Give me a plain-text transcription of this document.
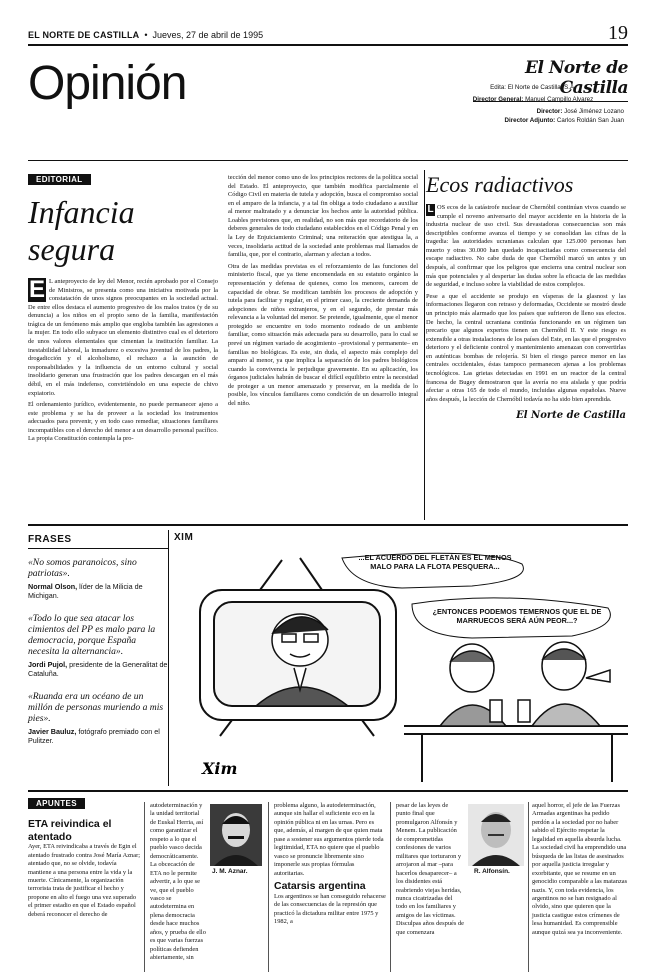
EL NORTE DE CASTILLA  •  Jueves, 27 de abril de 1995	19
Opinión	El Norte de Castilla
Edita: El Norte de Castilla, S.A.
Director General: Manuel Campillo Alvarez
Director: José Jiménez Lozano
Director Adjunto: Carlos Roldán San Juan
EDITORIAL
Infancia segura

E L anteproyecto de ley del Menor, recién aprobado por el Consejo de Ministros, se presenta como una iniciativa motivada por la constatación de unos signos preocupantes en la sociedad actual. De entre ellos destaca el aumento progresivo de los malos tratos (y de su denuncia) a los niños en el propio seno de la familia, manifestación trágica de un fenómeno más amplio que engloba también las agresiones a la mujer. En todo ello subyace un elemento distintivo cual es el deterioro de unos valores elementales que cimentan la institución familiar. La inestabilidad laboral, la inmadurez o excesiva juventud de los padres, la drogadicción y el alcoholismo, el rechazo a la asunción de responsabilidades y la influencia de un entorno cultural y social insolidario generan una frustración que los padres descargan en el más débil, en el más indefenso, convirtiéndolo en una especie de chivo expiatorio.

El ordenamiento jurídico, evidentemente, no puede permanecer ajeno a este problema y se ha de proveer a la sociedad los instrumentos adecuados para prevenir, y en todo caso remediar, situaciones familiares incompatibles con el derecho del menor a un desarrollo personal pacífico. La propia Constitución contempla la pro-

tección del menor como uno de los principios rectores de la política social del Estado. El anteproyecto, que también modifica parcialmente el Código Civil en materia de tutela y adopción, busca el compromiso social en el amparo de la infancia, y a tal fin obliga a todo ciudadano a auxiliar al menor maltratado y a denunciar los hechos ante la autoridad pública. Loables previsiones que, en realidad, no son más que recordatorio de los deberes generales de todo ciudadano establecidos en el Código Penal y en la Ley de Enjuiciamiento Criminal; una reiteración que atestigua la, a veces, insolidaria actitud de la sociedad ante problemas mal llamados de familia, que, por el contrario, alarman y afectan a todos.

Otra de las medidas previstas es el reforzamiento de las funciones del ministerio fiscal, que ya tiene encomendada en su estatuto orgánico la representación y defensa de quienes, como los menores, carecen de capacidad de obrar. Se modifican también los procesos de adopción y tutela para facilitar y regular, en el primer caso, la creciente demanda de adopciones de niños extranjeros, y en el segundo, de prestar más relevancia a la voluntad del menor. Se pretende, igualmente, que el menor protegido se encuentre en todo momento rodeado de un ambiente familiar, como situación más adecuada para su desarrollo, para lo cual se prevé un régimen variado de acogimiento –provisional y permanente– en familias no biológicas. Es este, sin duda, el aspecto más complejo del amparo al menor, ya que implica la separación de los padres biológicos cuando la convivencia le perjudique gravemente. En su aplicación, los órganos judiciales habrán de buscar el difícil equilibrio entre la necesidad de proteger a un menor amenazado y preservar, en la medida de lo posible, los vínculos familiares como condición de un desarrollo integral del niño.

Ecos radiactivos

L OS ecos de la catástrofe nuclear de Chernóbil continúan vivos cuando se cumple el noveno aniversario del mayor accidente en la historia de la industria nuclear de uso civil. Sus devastadoras consecuencias son más descriptibles conforme avanza el tiempo y se consolidan las cifras de la tragedia: las autoridades ucranianas calculan que 125.000 personas han muerto y otras 30.000 han quedado incapacitadas como consecuencia del escape radiactivo. No cabe duda de que Chernóbil marcó un antes y un después, al confirmar que los peligros que encierra una central nuclear son más que potenciales y al despertar las dudas sobre la eficacia de las medidas de seguridad, e incluso sobre la viabilidad de estos complejos.

Pese a que el accidente se produjo en vísperas de la glasnost y las informaciones llegaron con retraso y deformadas, Occidente se mostró desde un principio más alarmado que los países que sufrieron de lleno sus efectos. De hecho, la central ucraniana continúa funcionando en un régimen tan precario que algunos expertos tienen un Chernóbil II. Y este riesgo es extensible a otras instalaciones de los países del Este, en las que el progresivo deterioro y el deficiente control y mantenimiento amenazan con convertirlas en auténticas bombas de relojería. Si bien el riesgo parece menor en las centrales occidentales, éstas tampoco permanecen ajenas a los problemas tecnológicos. Las grietas detectadas en 1991 en un reactor de la central francesa de Bugey demostraron que la avería no era aislada y que podría afectar a otras 165 de todo el mundo, incluidas algunas españolas. Nueve años después, la lección de Chernóbil todavía no ha sido bien aprendida.

El Norte de Castilla
FRASES
«No somos paranoicos, sino patriotas».
Normal Olson, líder de la Milicia de Michigan.
«Todo lo que sea atacar los cimientos del PP es malo para la democracia, porque España necesita la alternancia».
Jordi Pujol, presidente de la Generalitat de Cataluña.
«Ruanda era un océano de un millón de personas muriendo a mis pies».
Javier Bauluz, fotógrafo premiado con el Pulitzer.
XIM
Xim
...EL ACUERDO DEL FLETÁN ES EL MENOS MALO PARA LA FLOTA PESQUERA...
¿ENTONCES PODEMOS TEMERNOS QUE EL DE MARRUECOS SERÁ AÚN PEOR...?
APUNTES
ETA reivindica el atentado

Ayer, ETA reivindicaba a través de Egin el atentado frustrado contra José María Aznar; atentado que, no se olvide, todavía mantiene a una persona entre la vida y la muerte. Cínicamente, la organización terrorista trata de justificar el hecho y propone en alto el fuego una vez superado el primer estadio en que el Estado español deberá reconocer el derecho de

autodeterminación y la unidad territorial de Euskal Herria, así como garantizar el respeto a lo que el pueblo vasco decida democráticamente. La obcecación de ETA no le permite advertir, a lo que se ve, que el pueblo vasco se autodetermina en plena democracia desde hace muchos años, y prueba de ello es que varias fuerzas políticas defienden abiertamente, sin

J. M. Aznar.

problema alguno, la autodeterminación, aunque sin hallar el suficiente eco en la opinión pública ni en las urnas. Pero es que, además, al margen de que quien mata pase a sostener sus argumentos pierde toda legitimidad, ETA no quiere que el pueblo vasco se pronuncie libremente sino imponerle sus propias fórmulas autoritarias.

Catarsis argentina

Los argentinos se han conseguido rehacerse de las consecuencias de la represión que practicó la dictadura militar entre 1975 y 1982, a

pesar de las leyes de punto final que promulgaron Alfonsín y Menem. La publicación de comprometidas confesiones de varios militares que torturaron y arrojaron al mar –para hacerlos desaparecer– a los disidentes está reabriendo viejas heridas, nunca cicatrizadas del todo en los familiares y amigos de las víctimas. Disculpas años después de que comenzara

R. Alfonsín.

aquel horror, el jefe de las Fuerzas Armadas argentinas ha pedido perdón a la sociedad por no haber sabido el Ejército respetar la legalidad en aquella absurda lucha. La sociedad civil ha emprendido una búsqueda de las listas de asesinados por aquella justicia irregular y exorbitante, que se resume en un genocidio comparable a las matanzas nazis. Y, con toda evidencia, los argentinos no se han resignado al olvido, sino que quieren que la justicia castigue estos crímenes de lesa humanidad. Es comprensible aunque quizá sea ya inconveniente.
